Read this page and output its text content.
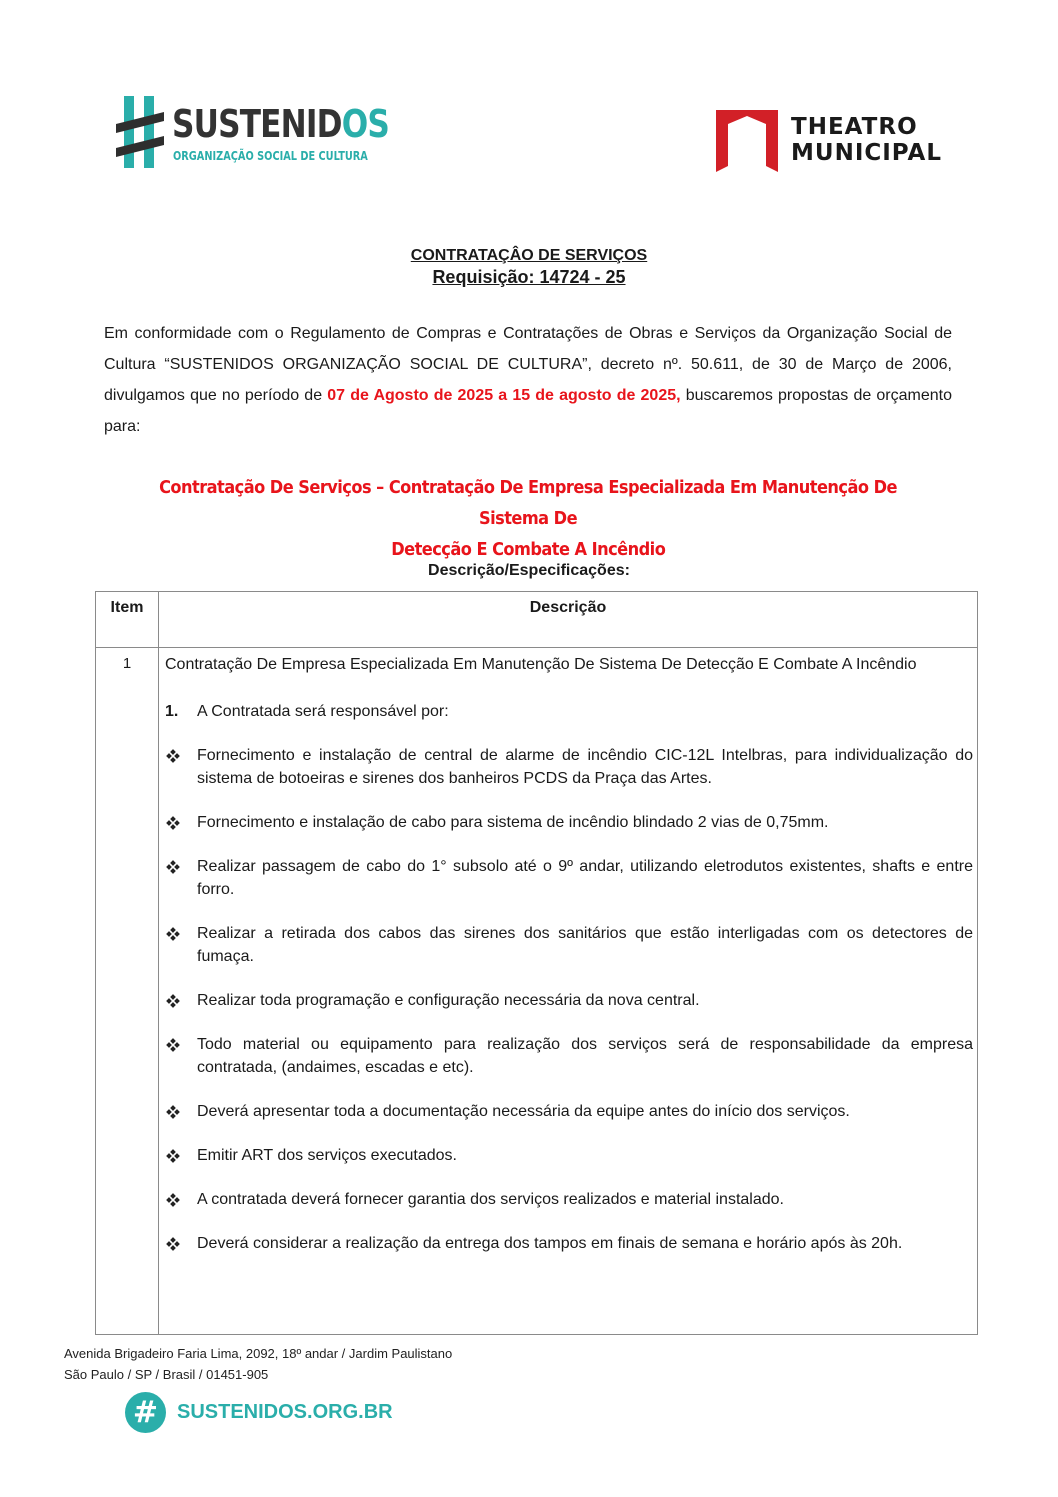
SUSTENIDOS
ORGANIZAÇÃO SOCIAL DE CULTURA
THEATRO
MUNICIPAL
CONTRATAÇÂO DE SERVIÇOS
Requisição: 14724 - 25

Em conformidade com o Regulamento de Compras e Contratações de Obras e Serviços da Organização Social de Cultura “SUSTENIDOS ORGANIZAÇÃO SOCIAL DE CULTURA”, decreto nº. 50.611, de 30 de Março de 2006, divulgamos que no período de 07 de Agosto de 2025 a 15 de agosto de 2025, buscaremos propostas de orçamento para:

Contratação De Serviços – Contratação De Empresa Especializada Em Manutenção De Sistema De
Detecção E Combate A Incêndio
Descrição/Especificações:
Item	Descrição
1	Contratação De Empresa Especializada Em Manutenção De Sistema De Detecção E Combate A Incêndio

1.	A Contratada será responsável por:
Fornecimento e instalação de central de alarme de incêndio CIC-12L Intelbras, para individualização do sistema de botoeiras e sirenes dos banheiros PCDS da Praça das Artes.
Fornecimento e instalação de cabo para sistema de incêndio blindado 2 vias de 0,75mm.
Realizar passagem de cabo do 1° subsolo até o 9º andar, utilizando eletrodutos existentes, shafts e entre forro.
Realizar a retirada dos cabos das sirenes dos sanitários que estão interligadas com os detectores de fumaça.
Realizar toda programação e configuração necessária da nova central.
Todo material ou equipamento para realização dos serviços será de responsabilidade da empresa contratada, (andaimes, escadas e etc).
Deverá apresentar toda a documentação necessária da equipe antes do início dos serviços.
Emitir ART dos serviços executados.
A contratada deverá fornecer garantia dos serviços realizados e material instalado.
Deverá considerar a realização da entrega dos tampos em finais de semana e horário após às 20h.
Avenida Brigadeiro Faria Lima, 2092, 18º andar / Jardim Paulistano
São Paulo / SP / Brasil / 01451-905
# SUSTENIDOS.ORG.BR
